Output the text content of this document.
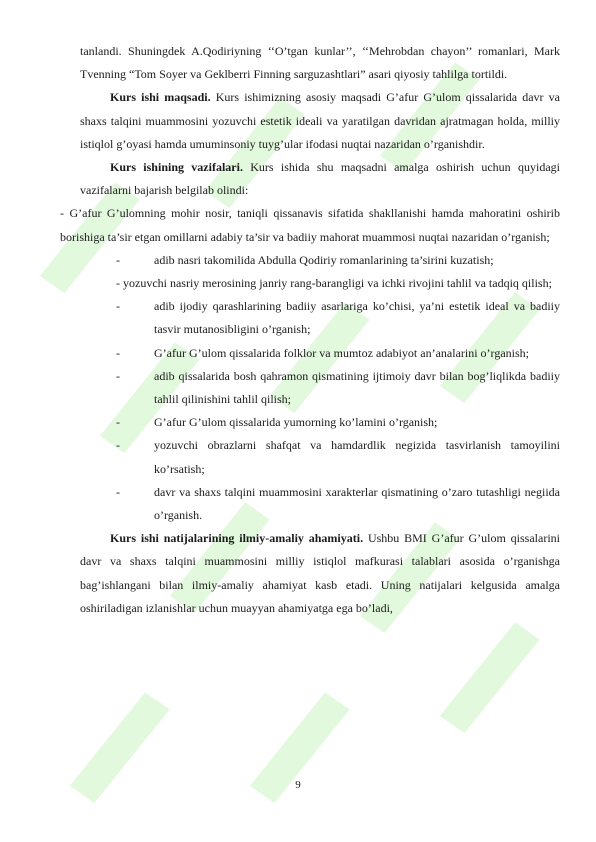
tanlandi. Shuningdek A.Qodiriyning ‘‘O’tgan kunlar’’, ‘‘Mehrobdan chayon’’ romanlari, Mark Tvenning “Tom Soyer va Geklberri Finning sarguzashtlari” asari qiyosiy tahlilga tortildi.

Kurs ishi maqsadi. Kurs ishimizning asosiy maqsadi G’afur G’ulom qissalarida davr va shaxs talqini muammosini yozuvchi estetik ideali va yaratilgan davridan ajratmagan holda, milliy istiqlol g’oyasi hamda umuminsoniy tuyg’ular ifodasi nuqtai nazaridan o’rganishdir.

Kurs ishining vazifalari. Kurs ishida shu maqsadni amalga oshirish uchun quyidagi vazifalarni bajarish belgilab olindi:

- G’afur G’ulomning mohir nosir, taniqli qissanavis sifatida shakllanishi hamda mahoratini oshirib borishiga ta’sir etgan omillarni adabiy ta’sir va badiiy mahorat muammosi nuqtai nazaridan o’rganish;

-	adib nasri takomilida Abdulla Qodiriy romanlarining ta’sirini kuzatish;

- yozuvchi nasriy merosining janriy rang-barangligi va ichki rivojini tahlil va tadqiq qilish;

-	adib ijodiy qarashlarining badiiy asarlariga ko’chisi, ya’ni estetik ideal va badiiy tasvir mutanosibligini o’rganish;
-	G’afur G’ulom qissalarida folklor va mumtoz adabiyot an’analarini o’rganish;
-	adib qissalarida bosh qahramon qismatining ijtimoiy davr bilan bog’liqlikda badiiy tahlil qilinishini tahlil qilish;
-	G’afur G’ulom qissalarida yumorning ko’lamini o’rganish;
-	yozuvchi obrazlarni shafqat va hamdardlik negizida tasvirlanish tamoyilini ko’rsatish;
-	davr va shaxs talqini muammosini xarakterlar qismatining o’zaro tutashligi negiida o’rganish.

Kurs ishi natijalarining ilmiy-amaliy ahamiyati. Ushbu BMI G’afur G’ulom qissalarini davr va shaxs talqini muammosini milliy istiqlol mafkurasi talablari asosida o’rganishga bag’ishlangani bilan ilmiy-amaliy ahamiyat kasb etadi. Uning natijalari kelgusida amalga oshiriladigan izlanishlar uchun muayyan ahamiyatga ega bo’ladi,

9
